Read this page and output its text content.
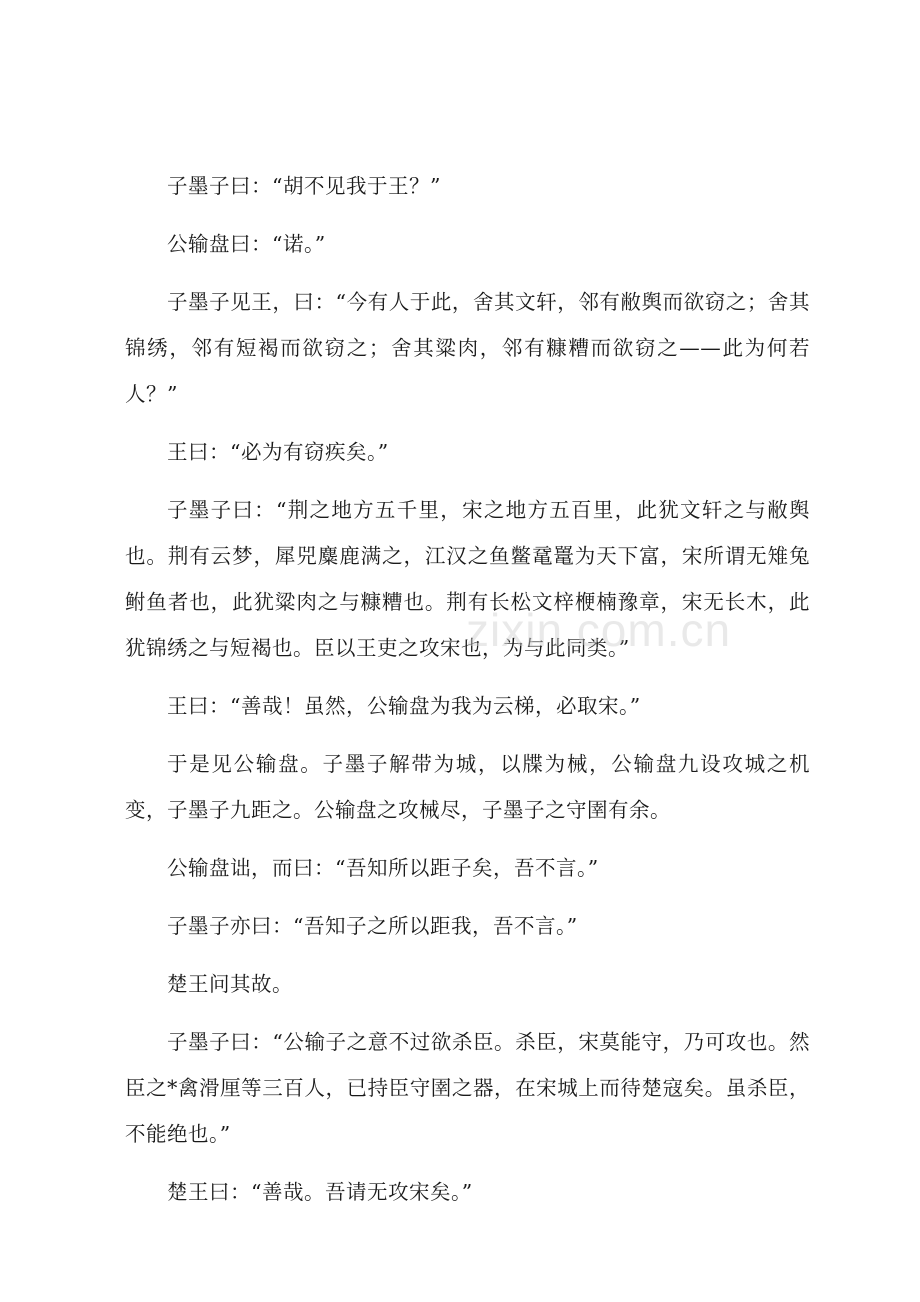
子墨子曰：“胡不见我于王？”

公输盘曰：“诺。”

子墨子见王，曰：“今有人于此，舍其文轩，邻有敝舆而欲窃之；舍其锦绣，邻有短褐而欲窃之；舍其粱肉，邻有糠糟而欲窃之——此为何若人？”

王曰：“必为有窃疾矣。”

子墨子曰：“荆之地方五千里，宋之地方五百里，此犹文轩之与敝舆也。荆有云梦，犀兕麋鹿满之，江汉之鱼鳖鼋鼍为天下富，宋所谓无雉兔鲋鱼者也，此犹粱肉之与糠糟也。荆有长松文梓楩楠豫章，宋无长木，此犹锦绣之与短褐也。臣以王吏之攻宋也，为与此同类。”

王曰：“善哉！虽然，公输盘为我为云梯，必取宋。”

于是见公输盘。子墨子解带为城，以牒为械，公输盘九设攻城之机变，子墨子九距之。公输盘之攻械尽，子墨子之守圉有余。

公输盘诎，而曰：“吾知所以距子矣，吾不言。”

子墨子亦曰：“吾知子之所以距我，吾不言。”

楚王问其故。

子墨子曰：“公输子之意不过欲杀臣。杀臣，宋莫能守，乃可攻也。然臣之*禽滑厘等三百人，已持臣守圉之器，在宋城上而待楚寇矣。虽杀臣，不能绝也。”

楚王曰：“善哉。吾请无攻宋矣。”

zixin.com.cn
